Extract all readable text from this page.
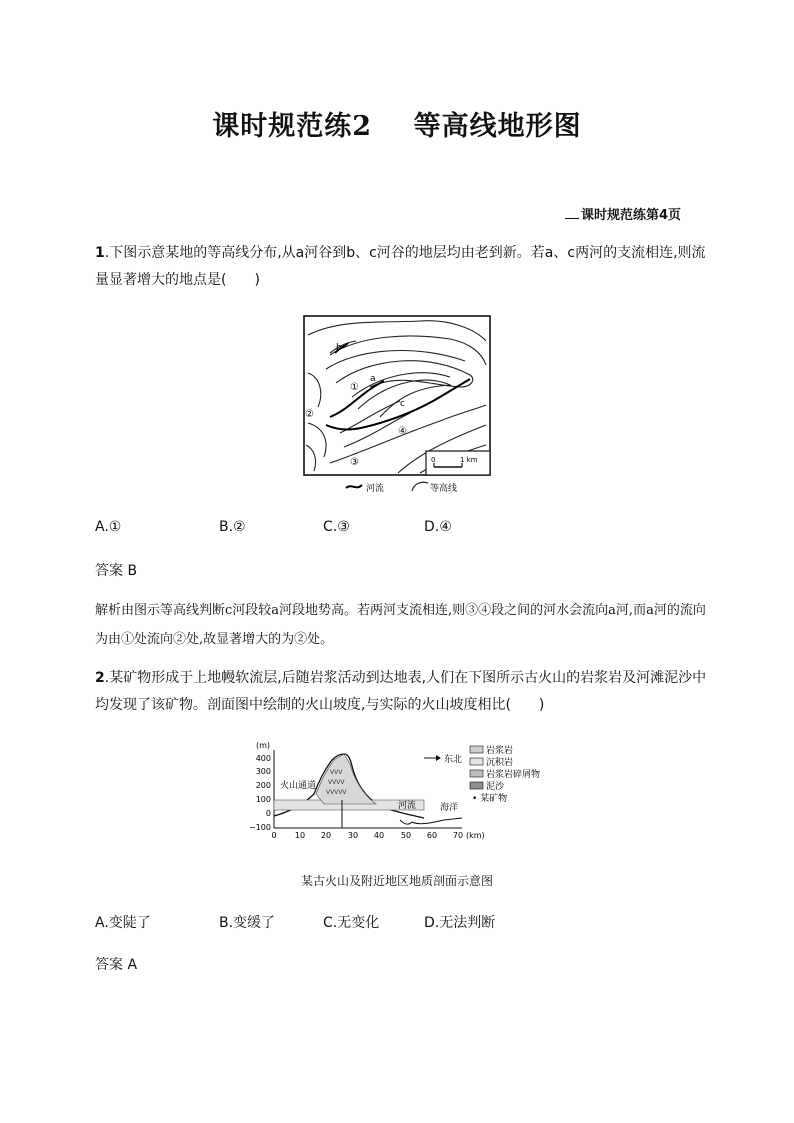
课时规范练2    等高线地形图
课时规范练第4页
1.下图示意某地的等高线分布,从a河谷到b、c河谷的地层均由老到新。若a、c两河的支流相连,则流量显著增大的地点是(　　)
b
a
c
①
②
③
④
0	1 km
河流	等高线
A.①	B.②	C.③	D.④
答案 B
解析由图示等高线判断c河段较a河段地势高。若两河支流相连,则③④段之间的河水会流向a河,而a河的流向为由①处流向②处,故显著增大的为②处。
2.某矿物形成于上地幔软流层,后随岩浆活动到达地表,人们在下图所示古火山的岩浆岩及河滩泥沙中均发现了该矿物。剖面图中绘制的火山坡度,与实际的火山坡度相比(　　)
(m)
400
300
200
100
0
−100
0 10 20 30 40 50 60 70 (km)
VVV
VVVV
VVVVV
火山通道
河流	海洋
东北
岩浆岩
沉积岩
岩浆岩碎屑物
泥沙
• 某矿物
某古火山及附近地区地质剖面示意图
A.变陡了	B.变缓了	C.无变化	D.无法判断
答案 A
